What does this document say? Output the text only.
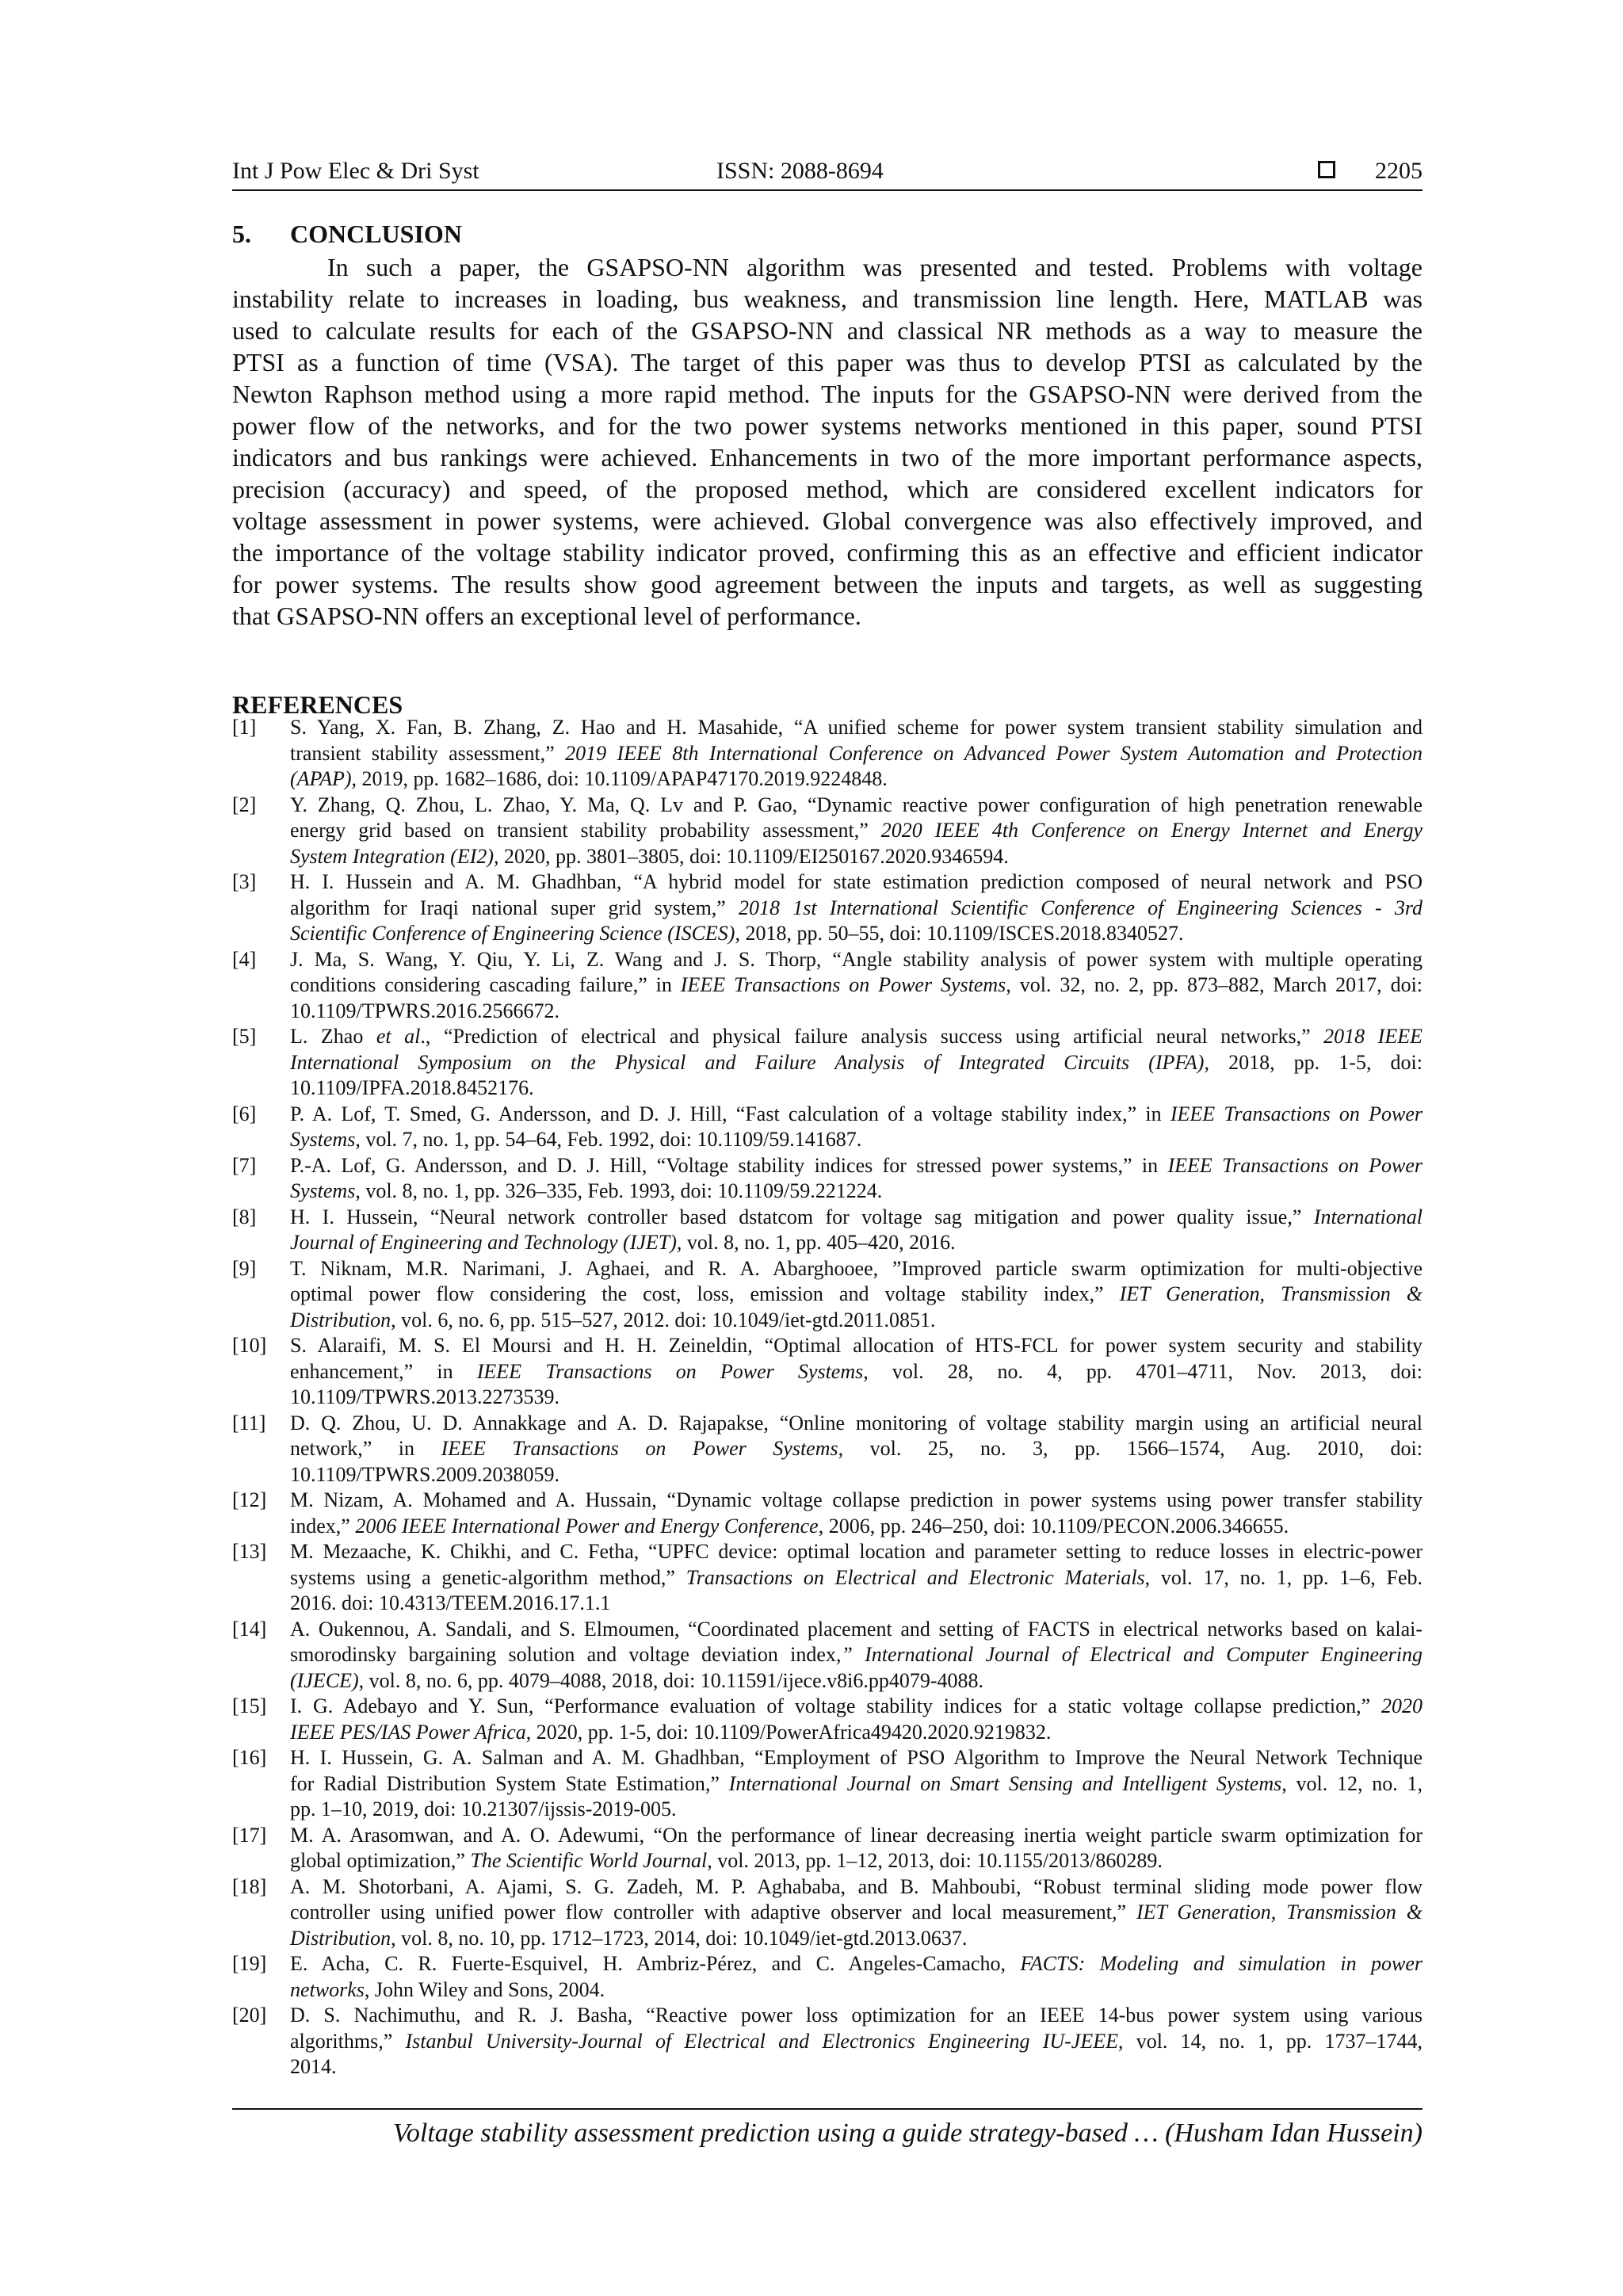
Int J Pow Elec & Dri Syst	ISSN: 2088-8694	2205
5. CONCLUSION
In such a paper, the GSAPSO-NN algorithm was presented and tested. Problems with voltage
instability relate to increases in loading, bus weakness, and transmission line length. Here, MATLAB was
used to calculate results for each of the GSAPSO-NN and classical NR methods as a way to measure the
PTSI as a function of time (VSA). The target of this paper was thus to develop PTSI as calculated by the
Newton Raphson method using a more rapid method. The inputs for the GSAPSO-NN were derived from the
power flow of the networks, and for the two power systems networks mentioned in this paper, sound PTSI
indicators and bus rankings were achieved. Enhancements in two of the more important performance aspects,
precision (accuracy) and speed, of the proposed method, which are considered excellent indicators for
voltage assessment in power systems, were achieved. Global convergence was also effectively improved, and
the importance of the voltage stability indicator proved, confirming this as an effective and efficient indicator
for power systems. The results show good agreement between the inputs and targets, as well as suggesting
that GSAPSO-NN offers an exceptional level of performance.
REFERENCES
[1] S. Yang, X. Fan, B. Zhang, Z. Hao and H. Masahide, “A unified scheme for power system transient stability simulation and
transient stability assessment,” 2019 IEEE 8th International Conference on Advanced Power System Automation and Protection
(APAP), 2019, pp. 1682–1686, doi: 10.1109/APAP47170.2019.9224848.
[2] Y. Zhang, Q. Zhou, L. Zhao, Y. Ma, Q. Lv and P. Gao, “Dynamic reactive power configuration of high penetration renewable
energy grid based on transient stability probability assessment,” 2020 IEEE 4th Conference on Energy Internet and Energy
System Integration (EI2), 2020, pp. 3801–3805, doi: 10.1109/EI250167.2020.9346594.
[3] H. I. Hussein and A. M. Ghadhban, “A hybrid model for state estimation prediction composed of neural network and PSO
algorithm for Iraqi national super grid system,” 2018 1st International Scientific Conference of Engineering Sciences - 3rd
Scientific Conference of Engineering Science (ISCES), 2018, pp. 50–55, doi: 10.1109/ISCES.2018.8340527.
[4] J. Ma, S. Wang, Y. Qiu, Y. Li, Z. Wang and J. S. Thorp, “Angle stability analysis of power system with multiple operating
conditions considering cascading failure,” in IEEE Transactions on Power Systems, vol. 32, no. 2, pp. 873–882, March 2017, doi:
10.1109/TPWRS.2016.2566672.
[5] L. Zhao et al., “Prediction of electrical and physical failure analysis success using artificial neural networks,” 2018 IEEE
International Symposium on the Physical and Failure Analysis of Integrated Circuits (IPFA), 2018, pp. 1-5, doi:
10.1109/IPFA.2018.8452176.
[6] P. A. Lof, T. Smed, G. Andersson, and D. J. Hill, “Fast calculation of a voltage stability index,” in IEEE Transactions on Power
Systems, vol. 7, no. 1, pp. 54–64, Feb. 1992, doi: 10.1109/59.141687.
[7] P.-A. Lof, G. Andersson, and D. J. Hill, “Voltage stability indices for stressed power systems,” in IEEE Transactions on Power
Systems, vol. 8, no. 1, pp. 326–335, Feb. 1993, doi: 10.1109/59.221224.
[8] H. I. Hussein, “Neural network controller based dstatcom for voltage sag mitigation and power quality issue,” International
Journal of Engineering and Technology (IJET), vol. 8, no. 1, pp. 405–420, 2016.
[9] T. Niknam, M.R. Narimani, J. Aghaei, and R. A. Abarghooee, ”Improved particle swarm optimization for multi-objective
optimal power flow considering the cost, loss, emission and voltage stability index,” IET Generation, Transmission &
Distribution, vol. 6, no. 6, pp. 515–527, 2012. doi: 10.1049/iet-gtd.2011.0851.
[10] S. Alaraifi, M. S. El Moursi and H. H. Zeineldin, “Optimal allocation of HTS-FCL for power system security and stability
enhancement,” in IEEE Transactions on Power Systems, vol. 28, no. 4, pp. 4701–4711, Nov. 2013, doi:
10.1109/TPWRS.2013.2273539.
[11] D. Q. Zhou, U. D. Annakkage and A. D. Rajapakse, “Online monitoring of voltage stability margin using an artificial neural
network,” in IEEE Transactions on Power Systems, vol. 25, no. 3, pp. 1566–1574, Aug. 2010, doi:
10.1109/TPWRS.2009.2038059.
[12] M. Nizam, A. Mohamed and A. Hussain, “Dynamic voltage collapse prediction in power systems using power transfer stability
index,” 2006 IEEE International Power and Energy Conference, 2006, pp. 246–250, doi: 10.1109/PECON.2006.346655.
[13] M. Mezaache, K. Chikhi, and C. Fetha, “UPFC device: optimal location and parameter setting to reduce losses in electric-power
systems using a genetic-algorithm method,” Transactions on Electrical and Electronic Materials, vol. 17, no. 1, pp. 1–6, Feb.
2016. doi: 10.4313/TEEM.2016.17.1.1
[14] A. Oukennou, A. Sandali, and S. Elmoumen, “Coordinated placement and setting of FACTS in electrical networks based on kalai-
smorodinsky bargaining solution and voltage deviation index,” International Journal of Electrical and Computer Engineering
(IJECE), vol. 8, no. 6, pp. 4079–4088, 2018, doi: 10.11591/ijece.v8i6.pp4079-4088.
[15] I. G. Adebayo and Y. Sun, “Performance evaluation of voltage stability indices for a static voltage collapse prediction,” 2020
IEEE PES/IAS Power Africa, 2020, pp. 1-5, doi: 10.1109/PowerAfrica49420.2020.9219832.
[16] H. I. Hussein, G. A. Salman and A. M. Ghadhban, “Employment of PSO Algorithm to Improve the Neural Network Technique
for Radial Distribution System State Estimation,” International Journal on Smart Sensing and Intelligent Systems, vol. 12, no. 1,
pp. 1–10, 2019, doi: 10.21307/ijssis-2019-005.
[17] M. A. Arasomwan, and A. O. Adewumi, “On the performance of linear decreasing inertia weight particle swarm optimization for
global optimization,” The Scientific World Journal, vol. 2013, pp. 1–12, 2013, doi: 10.1155/2013/860289.
[18] A. M. Shotorbani, A. Ajami, S. G. Zadeh, M. P. Aghababa, and B. Mahboubi, “Robust terminal sliding mode power flow
controller using unified power flow controller with adaptive observer and local measurement,” IET Generation, Transmission &
Distribution, vol. 8, no. 10, pp. 1712–1723, 2014, doi: 10.1049/iet-gtd.2013.0637.
[19] E. Acha, C. R. Fuerte-Esquivel, H. Ambriz-Pérez, and C. Angeles-Camacho, FACTS: Modeling and simulation in power
networks, John Wiley and Sons, 2004.
[20] D. S. Nachimuthu, and R. J. Basha, “Reactive power loss optimization for an IEEE 14-bus power system using various
algorithms,” Istanbul University-Journal of Electrical and Electronics Engineering IU-JEEE, vol. 14, no. 1, pp. 1737–1744,
2014.
Voltage stability assessment prediction using a guide strategy-based … (Husham Idan Hussein)
